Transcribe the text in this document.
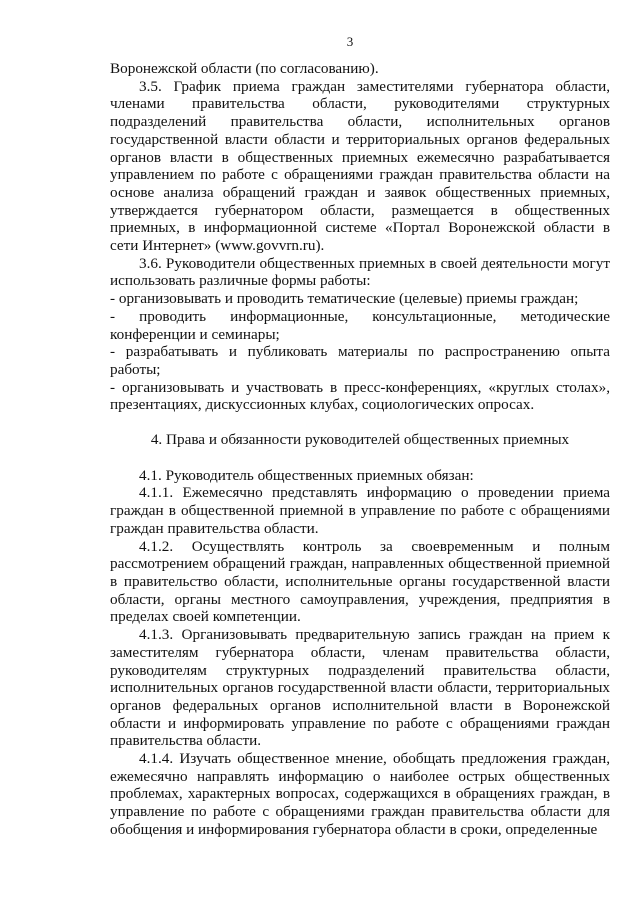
3

Воронежской области (по согласованию).

3.5. График приема граждан заместителями губернатора области, членами правительства области, руководителями структурных подразделений правительства области, исполнительных органов государственной власти области и территориальных органов федеральных органов власти в общественных приемных ежемесячно разрабатывается управлением по работе с обращениями граждан правительства области на основе анализа обращений граждан и заявок общественных приемных, утверждается губернатором области, размещается в общественных приемных, в информационной системе «Портал Воронежской области в сети Интернет» (www.govvrn.ru).

3.6. Руководители общественных приемных в своей деятельности могут использовать различные формы работы:

- организовывать и проводить тематические (целевые) приемы граждан;

- проводить информационные, консультационные, методические конференции и семинары;

- разрабатывать и публиковать материалы по распространению опыта работы;

- организовывать и участвовать в пресс-конференциях, «круглых столах», презентациях, дискуссионных клубах, социологических опросах.

4. Права и обязанности руководителей общественных приемных

4.1. Руководитель общественных приемных обязан:

4.1.1. Ежемесячно представлять информацию о проведении приема граждан в общественной приемной в управление по работе с обращениями граждан правительства области.

4.1.2. Осуществлять контроль за своевременным и полным рассмотрением обращений граждан, направленных общественной приемной в правительство области, исполнительные органы государственной власти области, органы местного самоуправления, учреждения, предприятия в пределах своей компетенции.

4.1.3. Организовывать предварительную запись граждан на прием к заместителям губернатора области, членам правительства области, руководителям структурных подразделений правительства области, исполнительных органов государственной власти области, территориальных органов федеральных органов исполнительной власти в Воронежской области и информировать управление по работе с обращениями граждан правительства области.

4.1.4. Изучать общественное мнение, обобщать предложения граждан, ежемесячно направлять информацию о наиболее острых общественных проблемах, характерных вопросах, содержащихся в обращениях граждан, в управление по работе с обращениями граждан правительства области для обобщения и информирования губернатора области в сроки, определенные
